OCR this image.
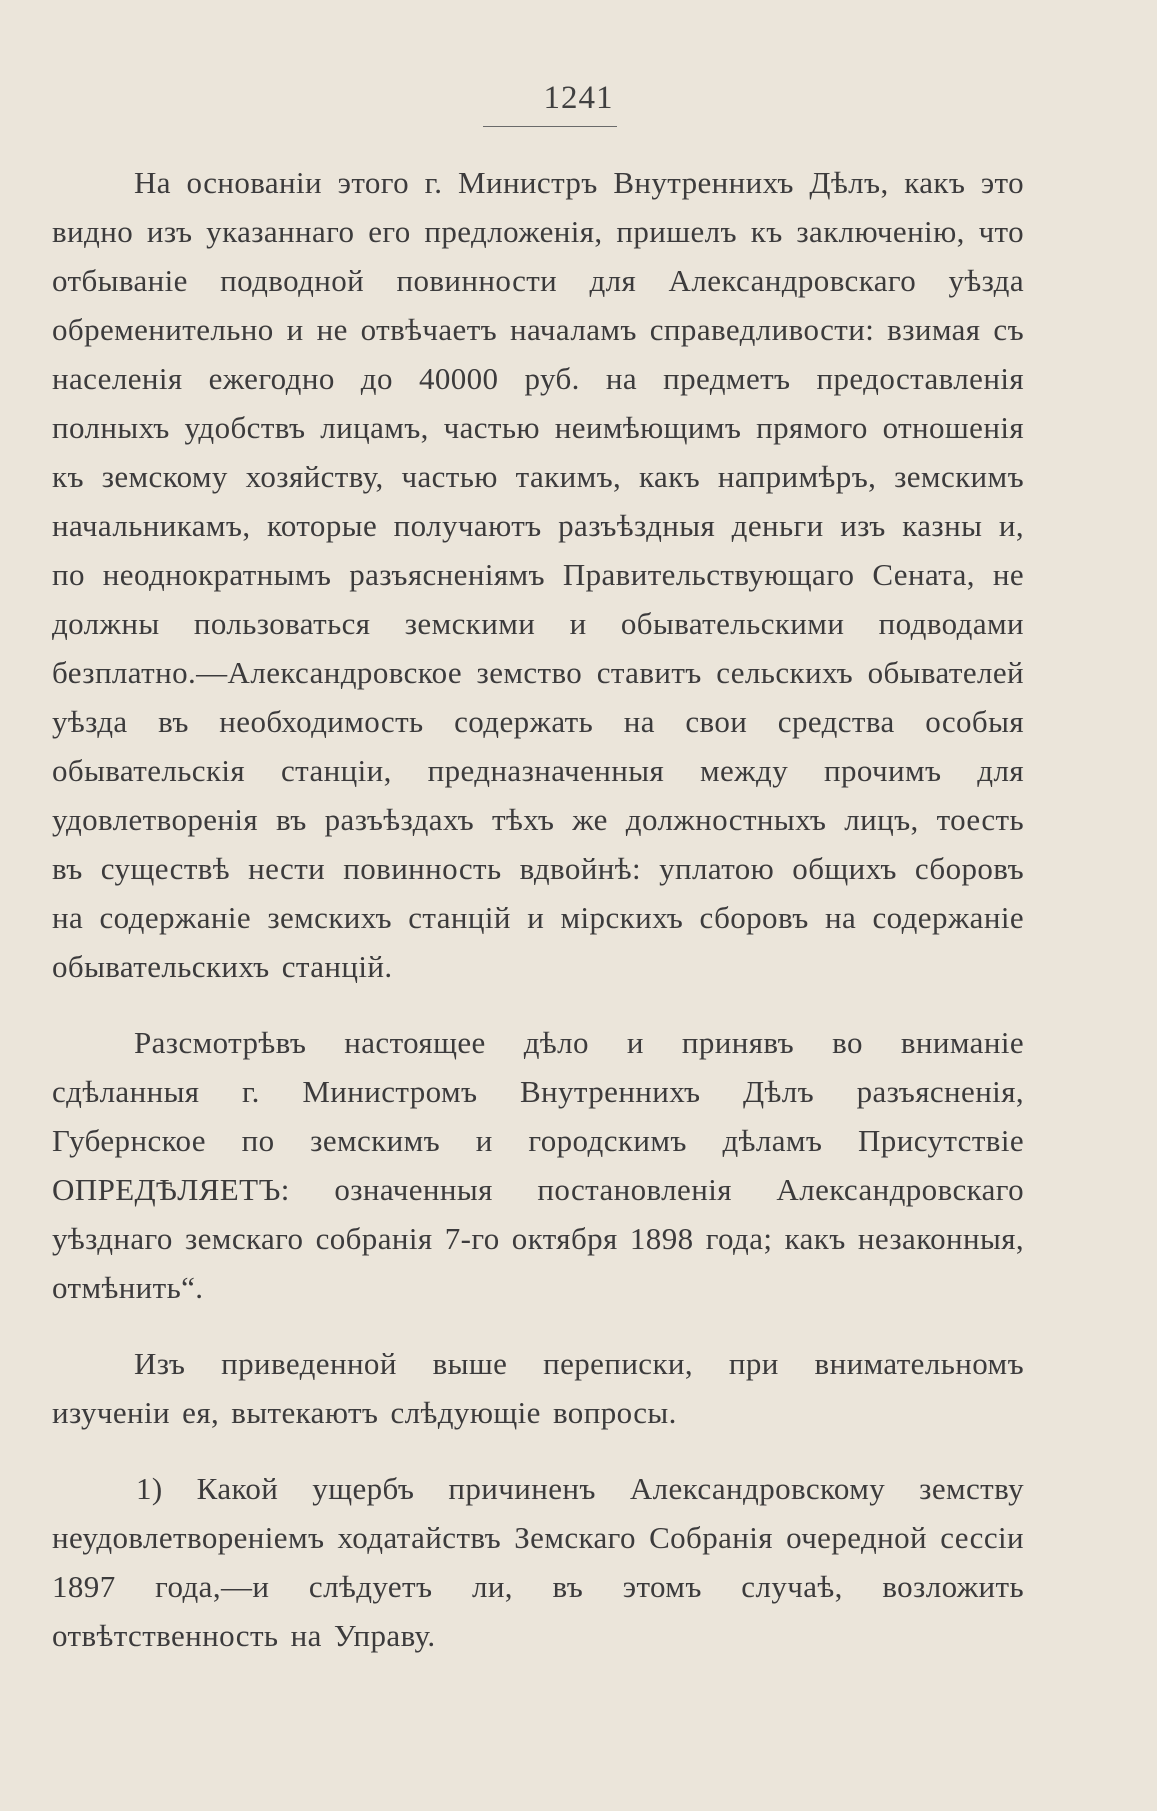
1241

На основаніи этого г. Министръ Внутреннихъ Дѣлъ, какъ это видно изъ указаннаго его предложенія, пришелъ къ заключенію, что отбываніе подводной повинности для Александровскаго уѣзда обременительно и не отвѣчаетъ началамъ справедливости: взимая съ населенія ежегодно до 40000 руб. на предметъ предоставленія полныхъ удобствъ лицамъ, частью неимѣющимъ прямого отношенія къ земскому хозяйству, частью такимъ, какъ напримѣръ, земскимъ начальникамъ, которые получаютъ разъѣздныя деньги изъ казны и, по неоднократнымъ разъясненіямъ Правительствующаго Сената, не должны пользоваться земскими и обывательскими подводами безплатно.—Александровское земство ставитъ сельскихъ обывателей уѣзда въ необходимость содержать на свои средства особыя обывательскія станціи, предназначенныя между прочимъ для удовлетворенія въ разъѣздахъ тѣхъ же должностныхъ лицъ, тоесть въ существѣ нести повинность вдвойнѣ: уплатою общихъ сборовъ на содержаніе земскихъ станцій и мірскихъ сборовъ на содержаніе обывательскихъ станцій.

Разсмотрѣвъ настоящее дѣло и принявъ во вниманіе сдѣланныя г. Министромъ Внутреннихъ Дѣлъ разъясненія, Губернское по земскимъ и городскимъ дѣламъ Присутствіе ОПРЕДѢЛЯЕТЪ: означенныя постановленія Александровскаго уѣзднаго земскаго собранія 7-го октября 1898 года; какъ незаконныя, отмѣнить“.

Изъ приведенной выше переписки, при внимательномъ изученіи ея, вытекаютъ слѣдующіе вопросы.

1) Какой ущербъ причиненъ Александровскому земству неудовлетвореніемъ ходатайствъ Земскаго Собранія очередной сессіи 1897 года,—и слѣдуетъ ли, въ этомъ случаѣ, возложить отвѣтственность на Управу.
